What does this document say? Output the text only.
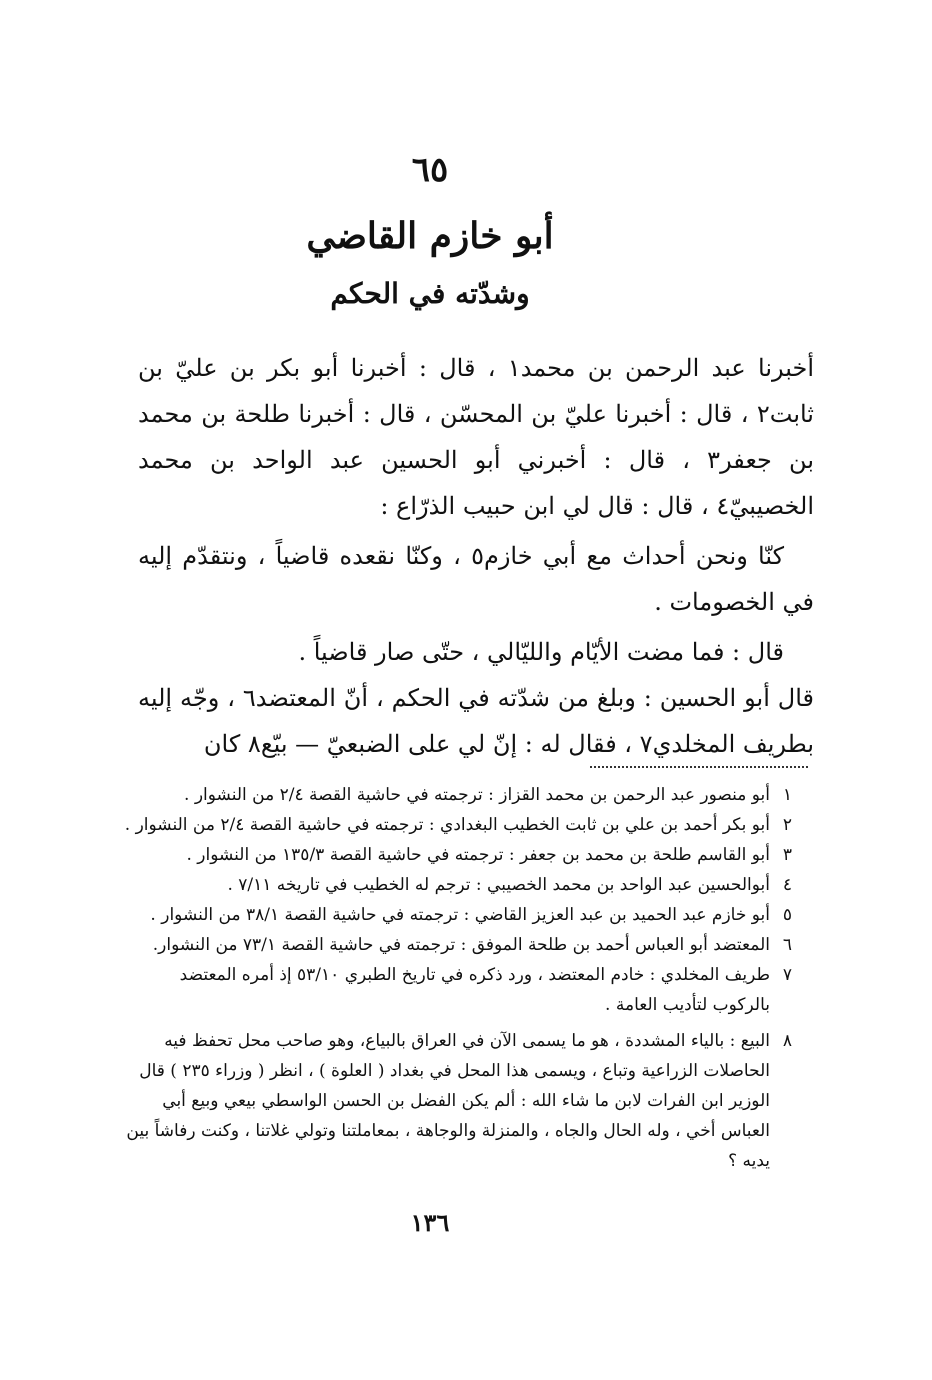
٦٥
أبو خازم القاضي
وشدّته في الحكم

أخبرنا عبد الرحمن بن محمد١ ، قال : أخبرنا أبو بكر بن عليّ بن ثابت٢ ، قال : أخبرنا عليّ بن المحسّن ، قال : أخبرنا طلحة بن محمد بن جعفر٣ ، قال : أخبرني أبو الحسين عبد الواحد بن محمد الخصيبيّ٤ ، قال : قال لي ابن حبيب الذرّاع :

كنّا ونحن أحداث مع أبي خازم٥ ، وكنّا نقعده قاضياً ، ونتقدّم إليه في الخصومات .

قال : فما مضت الأيّام والليّالي ، حتّى صار قاضياً .

قال أبو الحسين : وبلغ من شدّته في الحكم ، أنّ المعتضد٦ ، وجّه إليه بطريف المخلدي٧ ، فقال له : إنّ لي على الضبعيّ — بيّع٨ كان

١
أبو منصور عبد الرحمن بن محمد القزاز : ترجمته في حاشية القصة ٢/٤ من النشوار .
٢
أبو بكر أحمد بن علي بن ثابت الخطيب البغدادي : ترجمته في حاشية القصة ٢/٤ من النشوار .
٣
أبو القاسم طلحة بن محمد بن جعفر : ترجمته في حاشية القصة ١٣٥/٣ من النشوار .
٤
أبوالحسين عبد الواحد بن محمد الخصيبي : ترجم له الخطيب في تاريخه ٧/١١ .
٥
أبو خازم عبد الحميد بن عبد العزيز القاضي : ترجمته في حاشية القصة ٣٨/١ من النشوار .
٦
المعتضد أبو العباس أحمد بن طلحة الموفق : ترجمته في حاشية القصة ٧٣/١ من النشوار.
٧
طريف المخلدي : خادم المعتضد ، ورد ذكره في تاريخ الطبري ٥٣/١٠ إذ أمره المعتضد بالركوب لتأديب العامة .
٨
البيع : بالياء المشددة ، هو ما يسمى الآن في العراق بالبياع، وهو صاحب محل تحفظ فيه الحاصلات الزراعية وتباع ، ويسمى هذا المحل في بغداد ( العلوة ) ، انظر ( وزراء ٢٣٥ ) قال الوزير ابن الفرات لابن ما شاء الله : ألم يكن الفضل بن الحسن الواسطي بيعي وبيع أبي العباس أخي ، وله الحال والجاه ، والمنزلة والوجاهة ، بمعاملتنا وتولي غلاتنا ، وكنت رفاشاً بين يديه ؟
١٣٦
